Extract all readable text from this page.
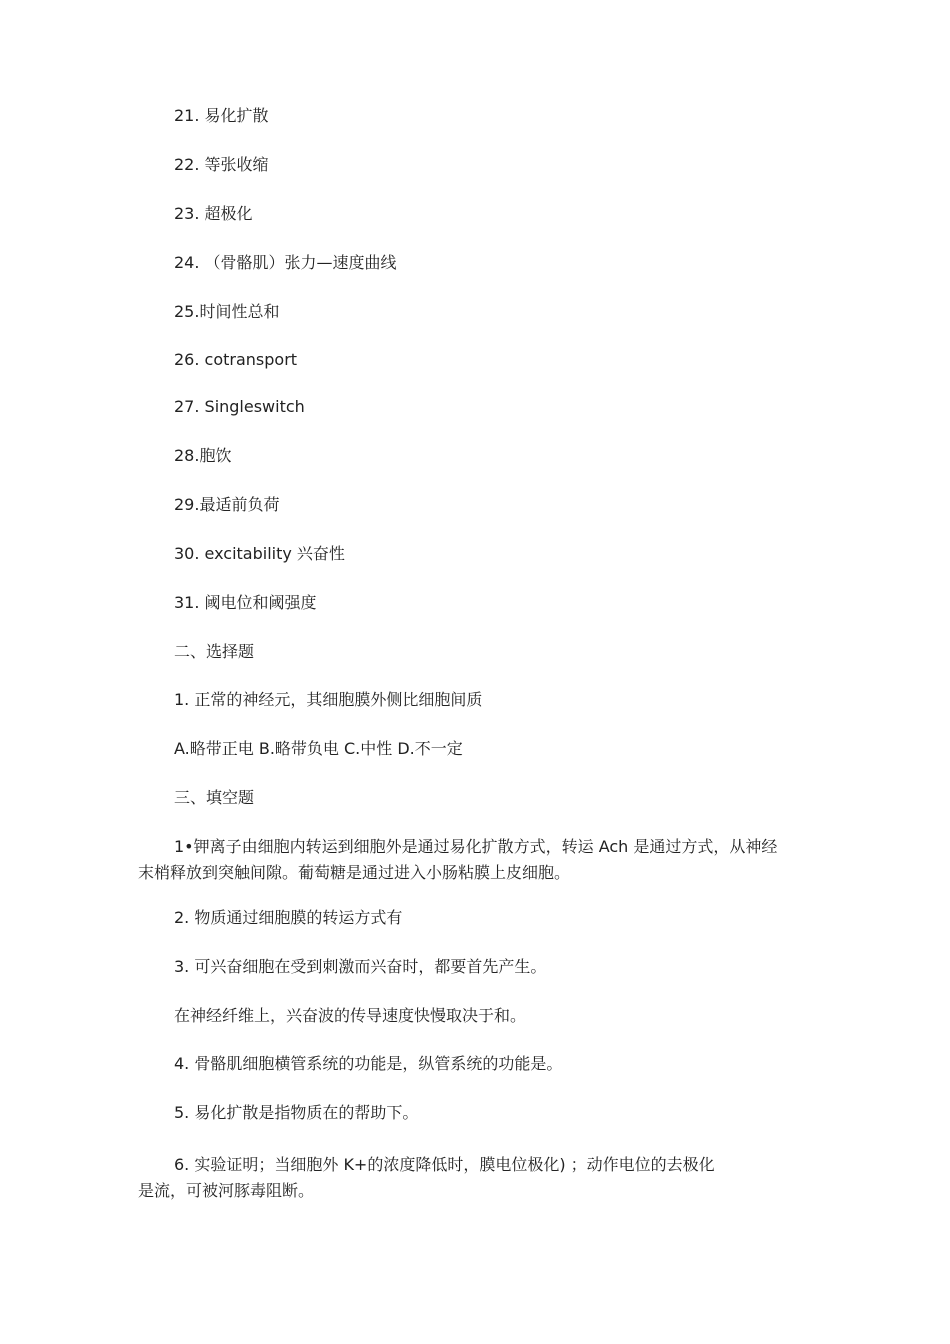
21. 易化扩散

22. 等张收缩

23. 超极化

24. （骨骼肌）张力—速度曲线

25.时间性总和

26. cotransport

27. Singleswitch

28.胞饮

29.最适前负荷

30. excitability 兴奋性

31. 阈电位和阈强度

二、选择题

1. 正常的神经元，其细胞膜外侧比细胞间质

A.略带正电 B.略带负电 C.中性 D.不一定

三、填空题

1•钾离子由细胞内转运到细胞外是通过易化扩散方式，转运 Ach 是通过方式，从神经
末梢释放到突触间隙。葡萄糖是通过进入小肠粘膜上皮细胞。

2. 物质通过细胞膜的转运方式有

3. 可兴奋细胞在受到刺激而兴奋时，都要首先产生。

在神经纤维上，兴奋波的传导速度快慢取决于和。

4. 骨骼肌细胞横管系统的功能是，纵管系统的功能是。

5. 易化扩散是指物质在的帮助下。

6. 实验证明；当细胞外 K+的浓度降低时，膜电位极化) ；动作电位的去极化
是流，可被河豚毒阻断。
